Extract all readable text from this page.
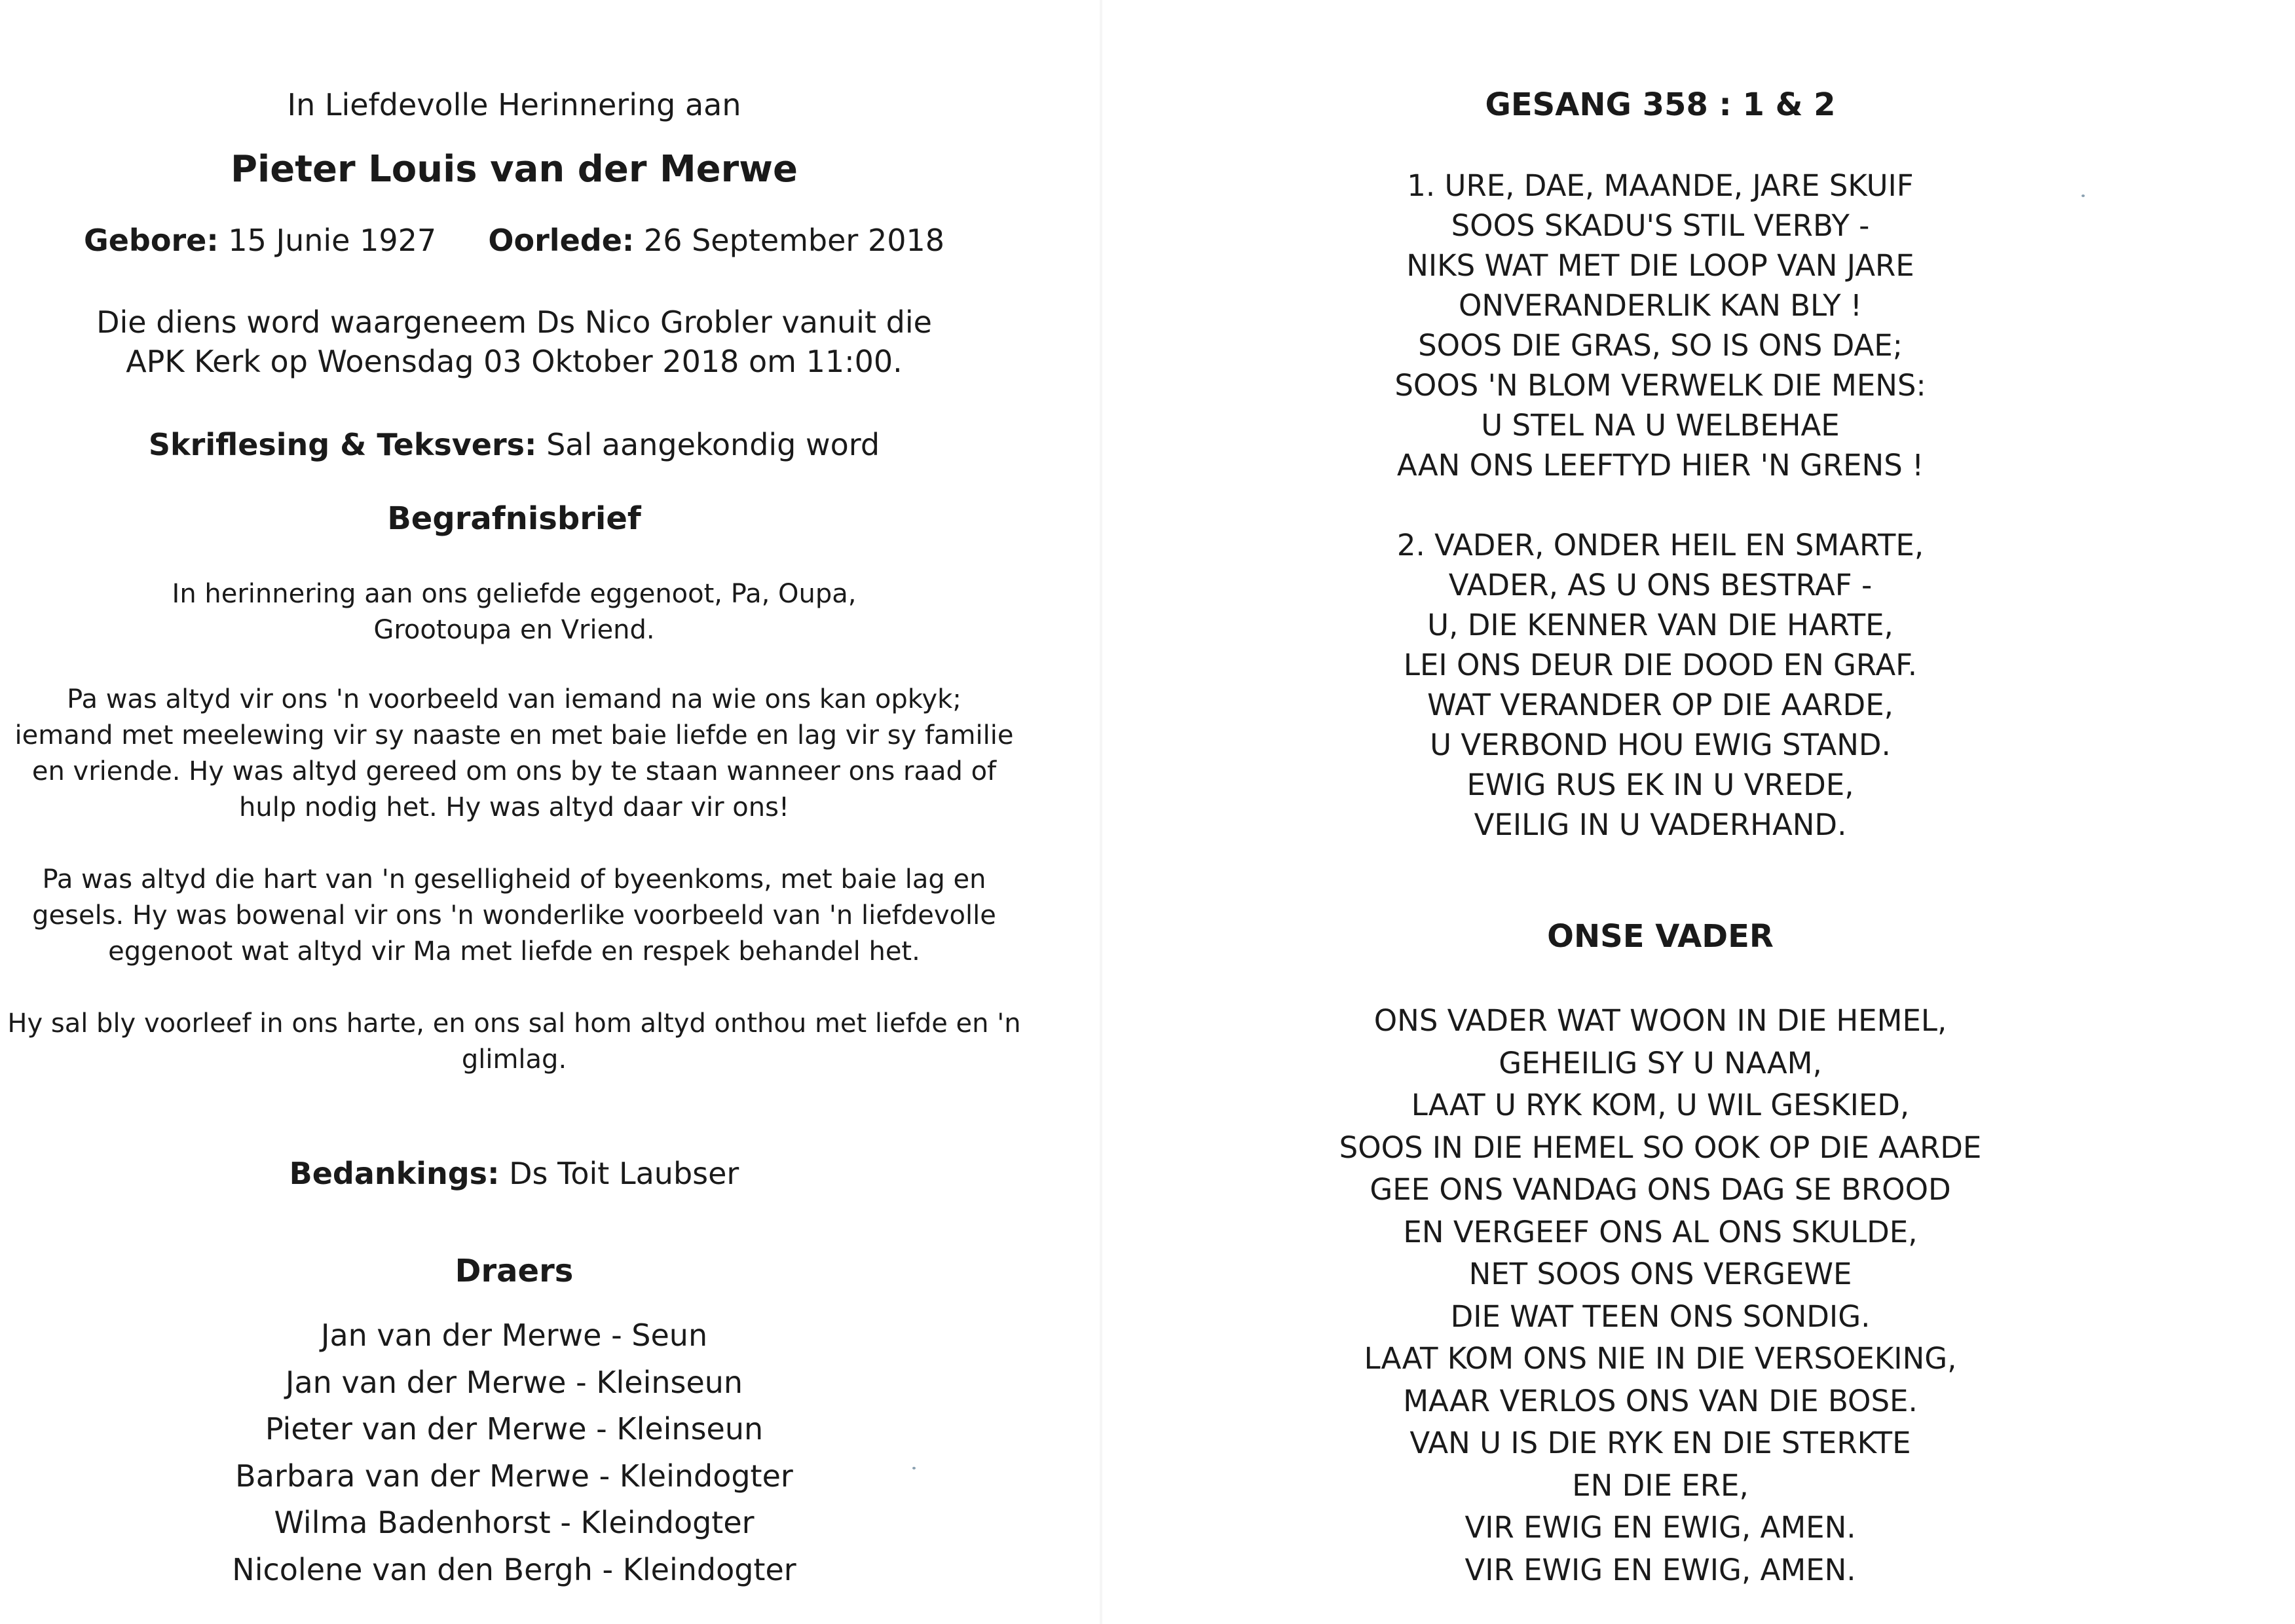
In Liefdevolle Herinnering aan

Pieter Louis van der Merwe

Gebore: 15 Junie 1927 Oorlede: 26 September 2018

Die diens word waargeneem Ds Nico Grobler vanuit die

APK Kerk op Woensdag 03 Oktober 2018 om 11:00.

Skriflesing & Teksvers: Sal aangekondig word

Begrafnisbrief

In herinnering aan ons geliefde eggenoot, Pa, Oupa,

Grootoupa en Vriend.

Pa was altyd vir ons 'n voorbeeld van iemand na wie ons kan opkyk;

iemand met meelewing vir sy naaste en met baie liefde en lag vir sy familie

en vriende. Hy was altyd gereed om ons by te staan wanneer ons raad of

hulp nodig het. Hy was altyd daar vir ons!

Pa was altyd die hart van 'n geselligheid of byeenkoms, met baie lag en

gesels. Hy was bowenal vir ons 'n wonderlike voorbeeld van 'n liefdevolle

eggenoot wat altyd vir Ma met liefde en respek behandel het.

Hy sal bly voorleef in ons harte, en ons sal hom altyd onthou met liefde en 'n

glimlag.

Bedankings: Ds Toit Laubser

Draers

Jan van der Merwe - Seun

Jan van der Merwe - Kleinseun

Pieter van der Merwe - Kleinseun

Barbara van der Merwe - Kleindogter

Wilma Badenhorst - Kleindogter

Nicolene van den Bergh - Kleindogter

GESANG 358 : 1 & 2

1. URE, DAE, MAANDE, JARE SKUIF

SOOS SKADU'S STIL VERBY -

NIKS WAT MET DIE LOOP VAN JARE

ONVERANDERLIK KAN BLY !

SOOS DIE GRAS, SO IS ONS DAE;

SOOS 'N BLOM VERWELK DIE MENS:

U STEL NA U WELBEHAE

AAN ONS LEEFTYD HIER 'N GRENS !

2. VADER, ONDER HEIL EN SMARTE,

VADER, AS U ONS BESTRAF -

U, DIE KENNER VAN DIE HARTE,

LEI ONS DEUR DIE DOOD EN GRAF.

WAT VERANDER OP DIE AARDE,

U VERBOND HOU EWIG STAND.

EWIG RUS EK IN U VREDE,

VEILIG IN U VADERHAND.

ONSE VADER

ONS VADER WAT WOON IN DIE HEMEL,

GEHEILIG SY U NAAM,

LAAT U RYK KOM, U WIL GESKIED,

SOOS IN DIE HEMEL SO OOK OP DIE AARDE

GEE ONS VANDAG ONS DAG SE BROOD

EN VERGEEF ONS AL ONS SKULDE,

NET SOOS ONS VERGEWE

DIE WAT TEEN ONS SONDIG.

LAAT KOM ONS NIE IN DIE VERSOEKING,

MAAR VERLOS ONS VAN DIE BOSE.

VAN U IS DIE RYK EN DIE STERKTE

EN DIE ERE,

VIR EWIG EN EWIG, AMEN.

VIR EWIG EN EWIG, AMEN.
